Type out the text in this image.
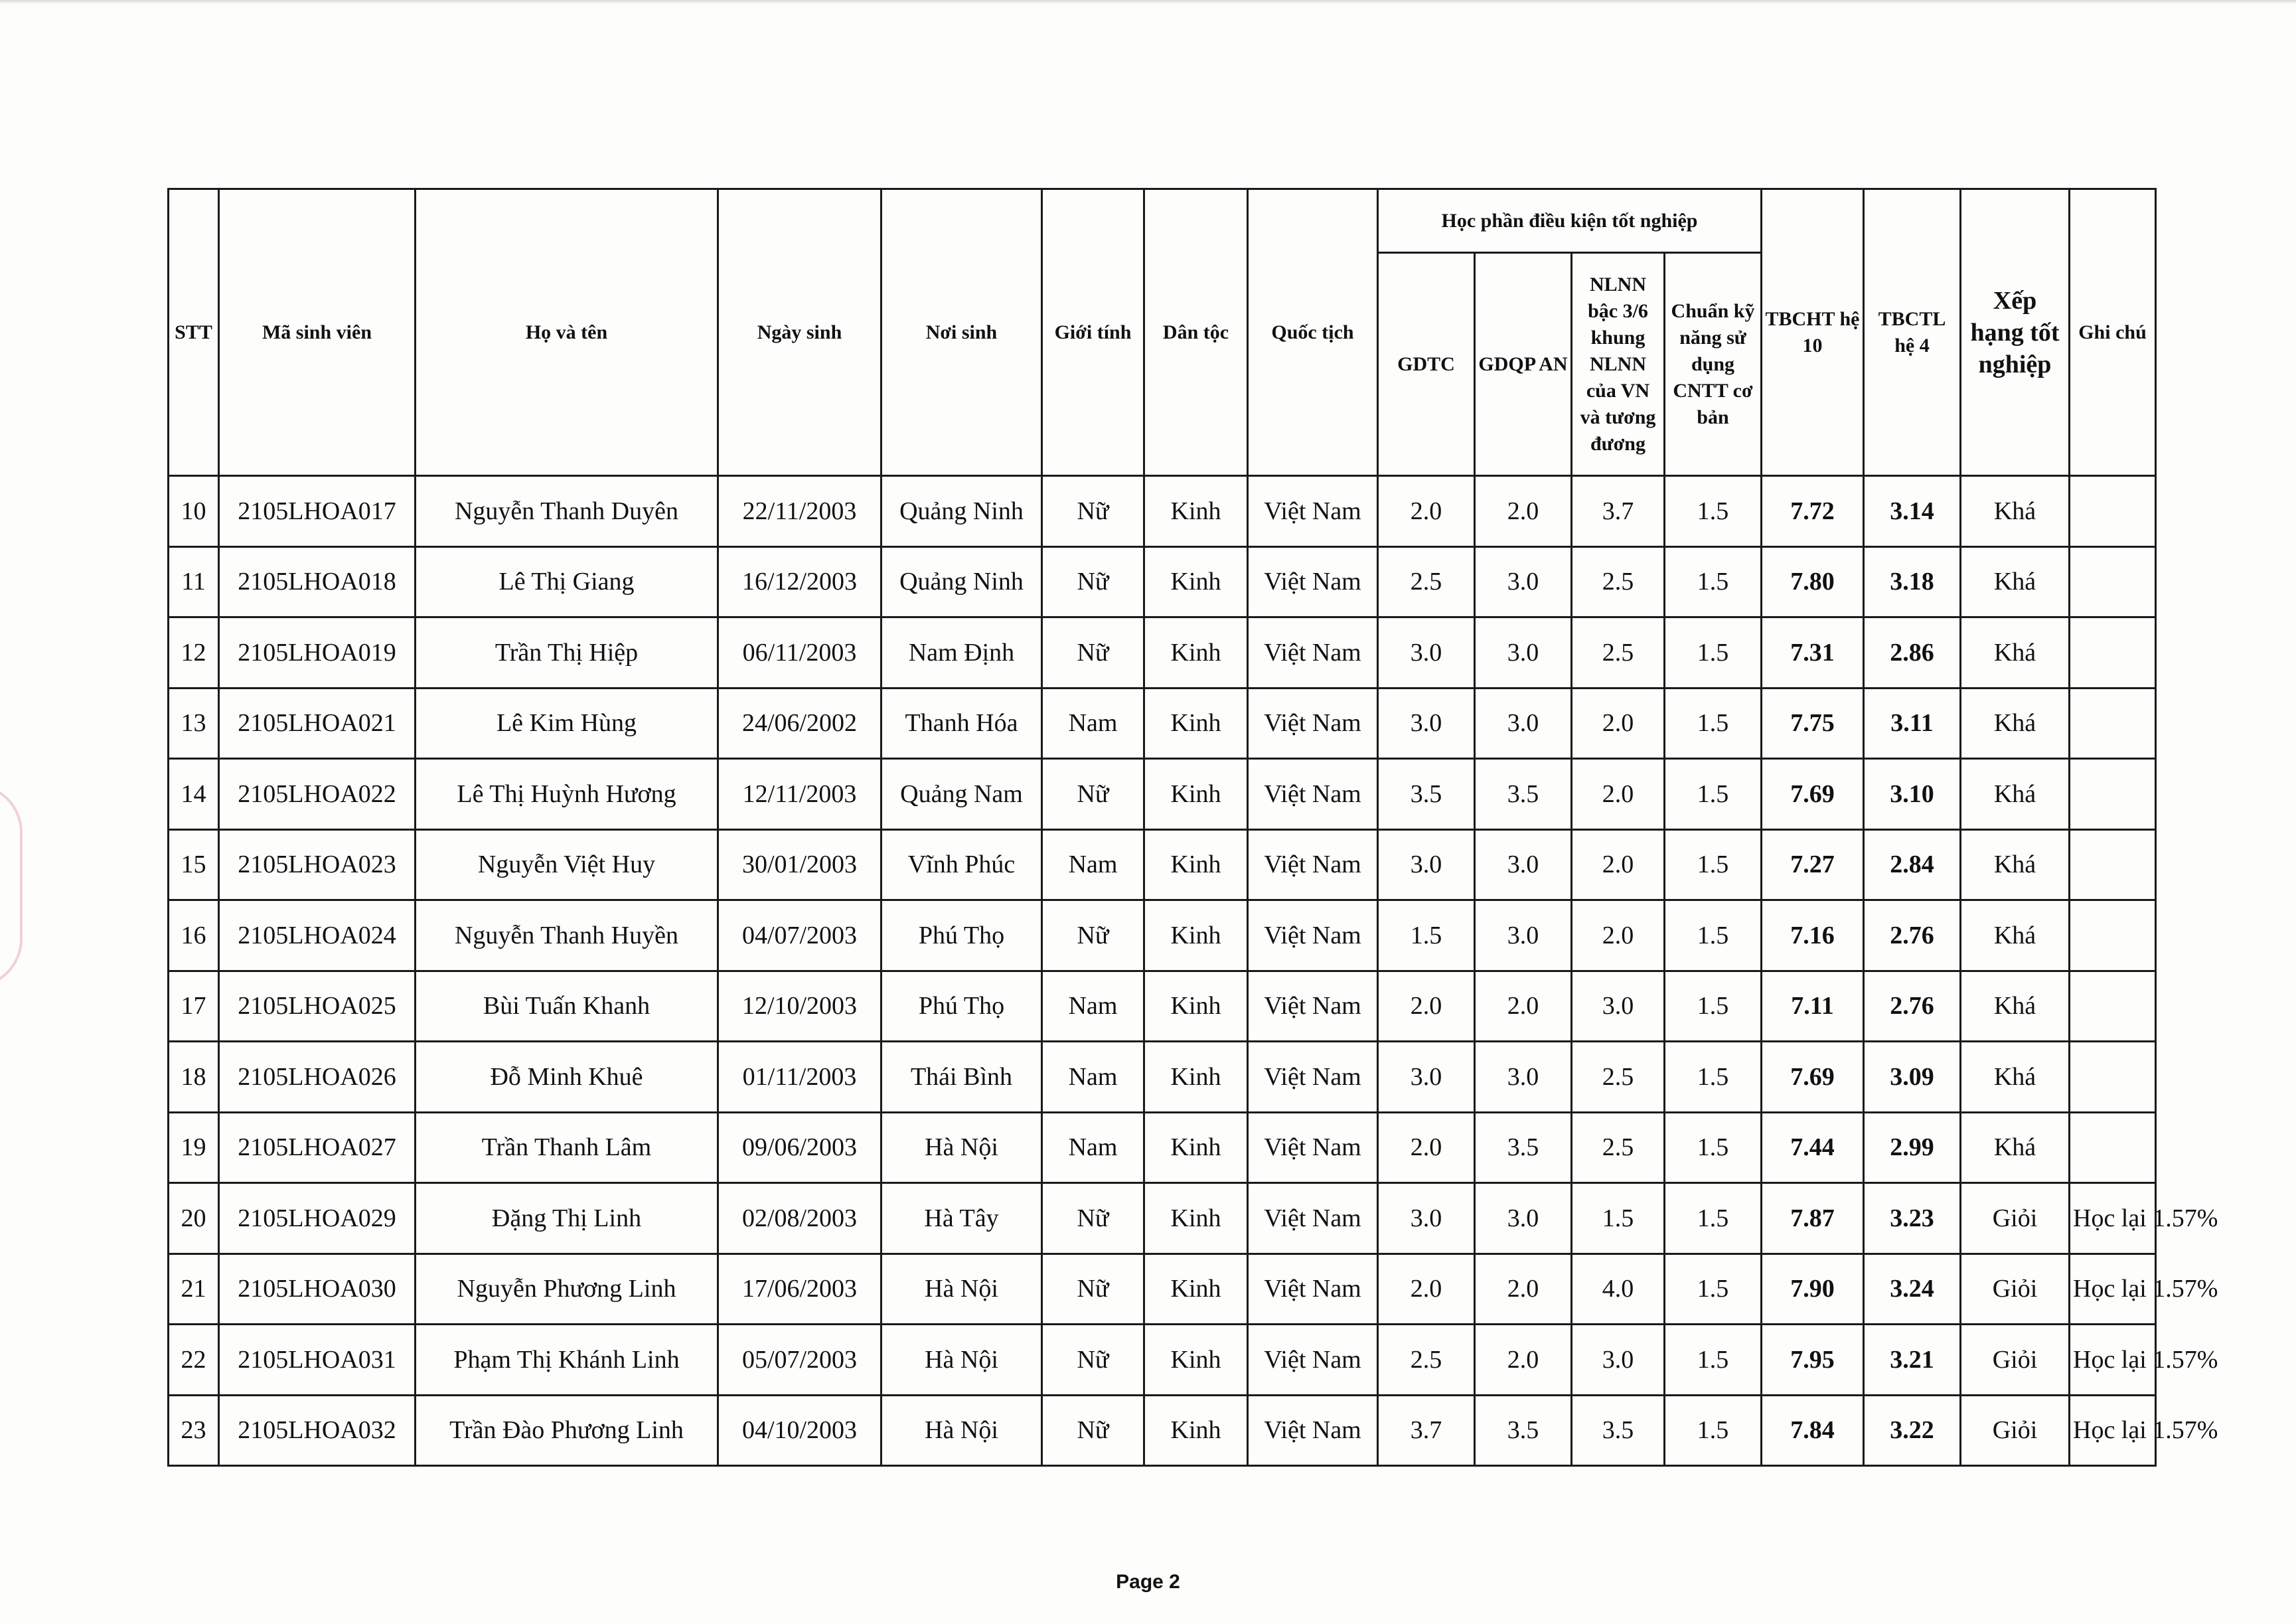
STT	Mã sinh viên	Họ và tên	Ngày sinh	Nơi sinh	Giới tính	Dân tộc	Quốc tịch	Học phần điều kiện tốt nghiệp				TBCHT hệ 10	TBCTL hệ 4	Xếp hạng tốt nghiệp	Ghi chú
								GDTC	GDQP AN	NLNN bậc 3/6 khung NLNN của VN và tương đương	Chuẩn kỹ năng sử dụng CNTT cơ bản				
10	2105LHOA017	Nguyễn Thanh Duyên	22/11/2003	Quảng Ninh	Nữ	Kinh	Việt Nam	2.0	2.0	3.7	1.5	7.72	3.14	Khá	
11	2105LHOA018	Lê Thị Giang	16/12/2003	Quảng Ninh	Nữ	Kinh	Việt Nam	2.5	3.0	2.5	1.5	7.80	3.18	Khá	
12	2105LHOA019	Trần Thị Hiệp	06/11/2003	Nam Định	Nữ	Kinh	Việt Nam	3.0	3.0	2.5	1.5	7.31	2.86	Khá	
13	2105LHOA021	Lê Kim Hùng	24/06/2002	Thanh Hóa	Nam	Kinh	Việt Nam	3.0	3.0	2.0	1.5	7.75	3.11	Khá	
14	2105LHOA022	Lê Thị Huỳnh Hương	12/11/2003	Quảng Nam	Nữ	Kinh	Việt Nam	3.5	3.5	2.0	1.5	7.69	3.10	Khá	
15	2105LHOA023	Nguyễn Việt Huy	30/01/2003	Vĩnh Phúc	Nam	Kinh	Việt Nam	3.0	3.0	2.0	1.5	7.27	2.84	Khá	
16	2105LHOA024	Nguyễn Thanh Huyền	04/07/2003	Phú Thọ	Nữ	Kinh	Việt Nam	1.5	3.0	2.0	1.5	7.16	2.76	Khá	
17	2105LHOA025	Bùi Tuấn Khanh	12/10/2003	Phú Thọ	Nam	Kinh	Việt Nam	2.0	2.0	3.0	1.5	7.11	2.76	Khá	
18	2105LHOA026	Đỗ Minh Khuê	01/11/2003	Thái Bình	Nam	Kinh	Việt Nam	3.0	3.0	2.5	1.5	7.69	3.09	Khá	
19	2105LHOA027	Trần Thanh Lâm	09/06/2003	Hà Nội	Nam	Kinh	Việt Nam	2.0	3.5	2.5	1.5	7.44	2.99	Khá	
20	2105LHOA029	Đặng Thị Linh	02/08/2003	Hà Tây	Nữ	Kinh	Việt Nam	3.0	3.0	1.5	1.5	7.87	3.23	Giỏi	Học lại 1.57%
21	2105LHOA030	Nguyễn Phương Linh	17/06/2003	Hà Nội	Nữ	Kinh	Việt Nam	2.0	2.0	4.0	1.5	7.90	3.24	Giỏi	Học lại 1.57%
22	2105LHOA031	Phạm Thị Khánh Linh	05/07/2003	Hà Nội	Nữ	Kinh	Việt Nam	2.5	2.0	3.0	1.5	7.95	3.21	Giỏi	Học lại 1.57%
23	2105LHOA032	Trần Đào Phương Linh	04/10/2003	Hà Nội	Nữ	Kinh	Việt Nam	3.7	3.5	3.5	1.5	7.84	3.22	Giỏi	Học lại 1.57%
Page 2
